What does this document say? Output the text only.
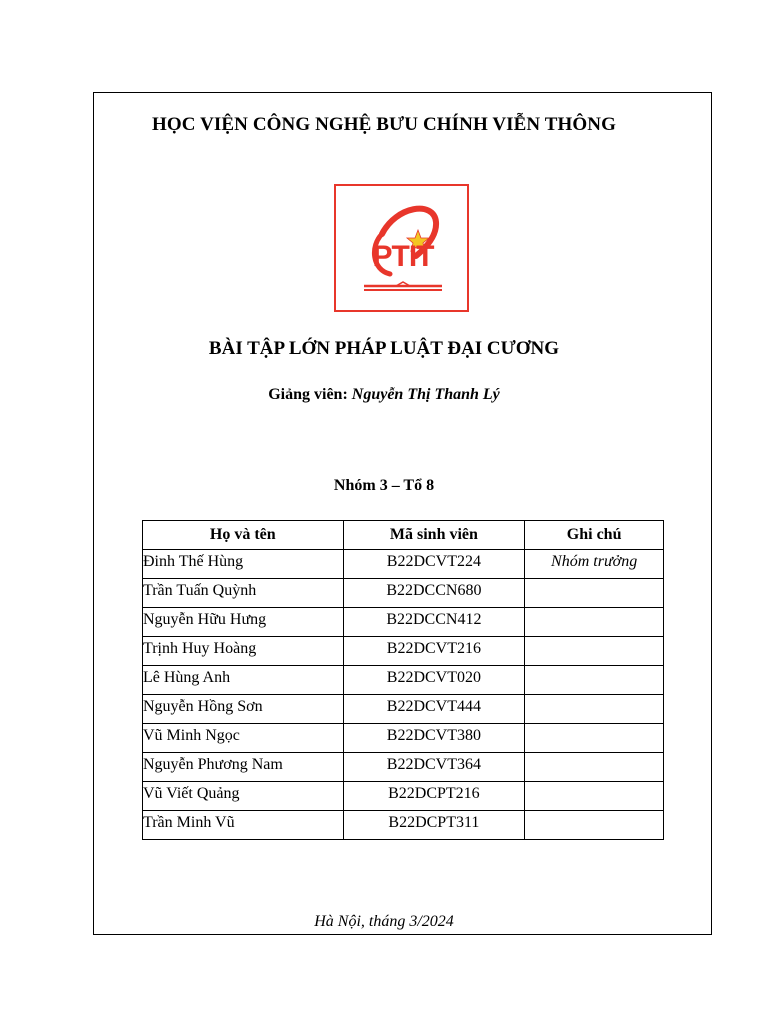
HỌC VIỆN CÔNG NGHỆ BƯU CHÍNH VIỄN THÔNG
PTIT
BÀI TẬP LỚN PHÁP LUẬT ĐẠI CƯƠNG
Giảng viên: Nguyễn Thị Thanh Lý
Nhóm 3 – Tổ 8
Họ và tên	Mã sinh viên	Ghi chú
Đinh Thế Hùng	B22DCVT224	Nhóm trưởng
Trần Tuấn Quỳnh	B22DCCN680	
Nguyễn Hữu Hưng	B22DCCN412	
Trịnh Huy Hoàng	B22DCVT216	
Lê Hùng Anh	B22DCVT020	
Nguyễn Hồng Sơn	B22DCVT444	
Vũ Minh Ngọc	B22DCVT380	
Nguyễn Phương Nam	B22DCVT364	
Vũ Viết Quảng	B22DCPT216	
Trần Minh Vũ	B22DCPT311	
Hà Nội, tháng 3/2024
